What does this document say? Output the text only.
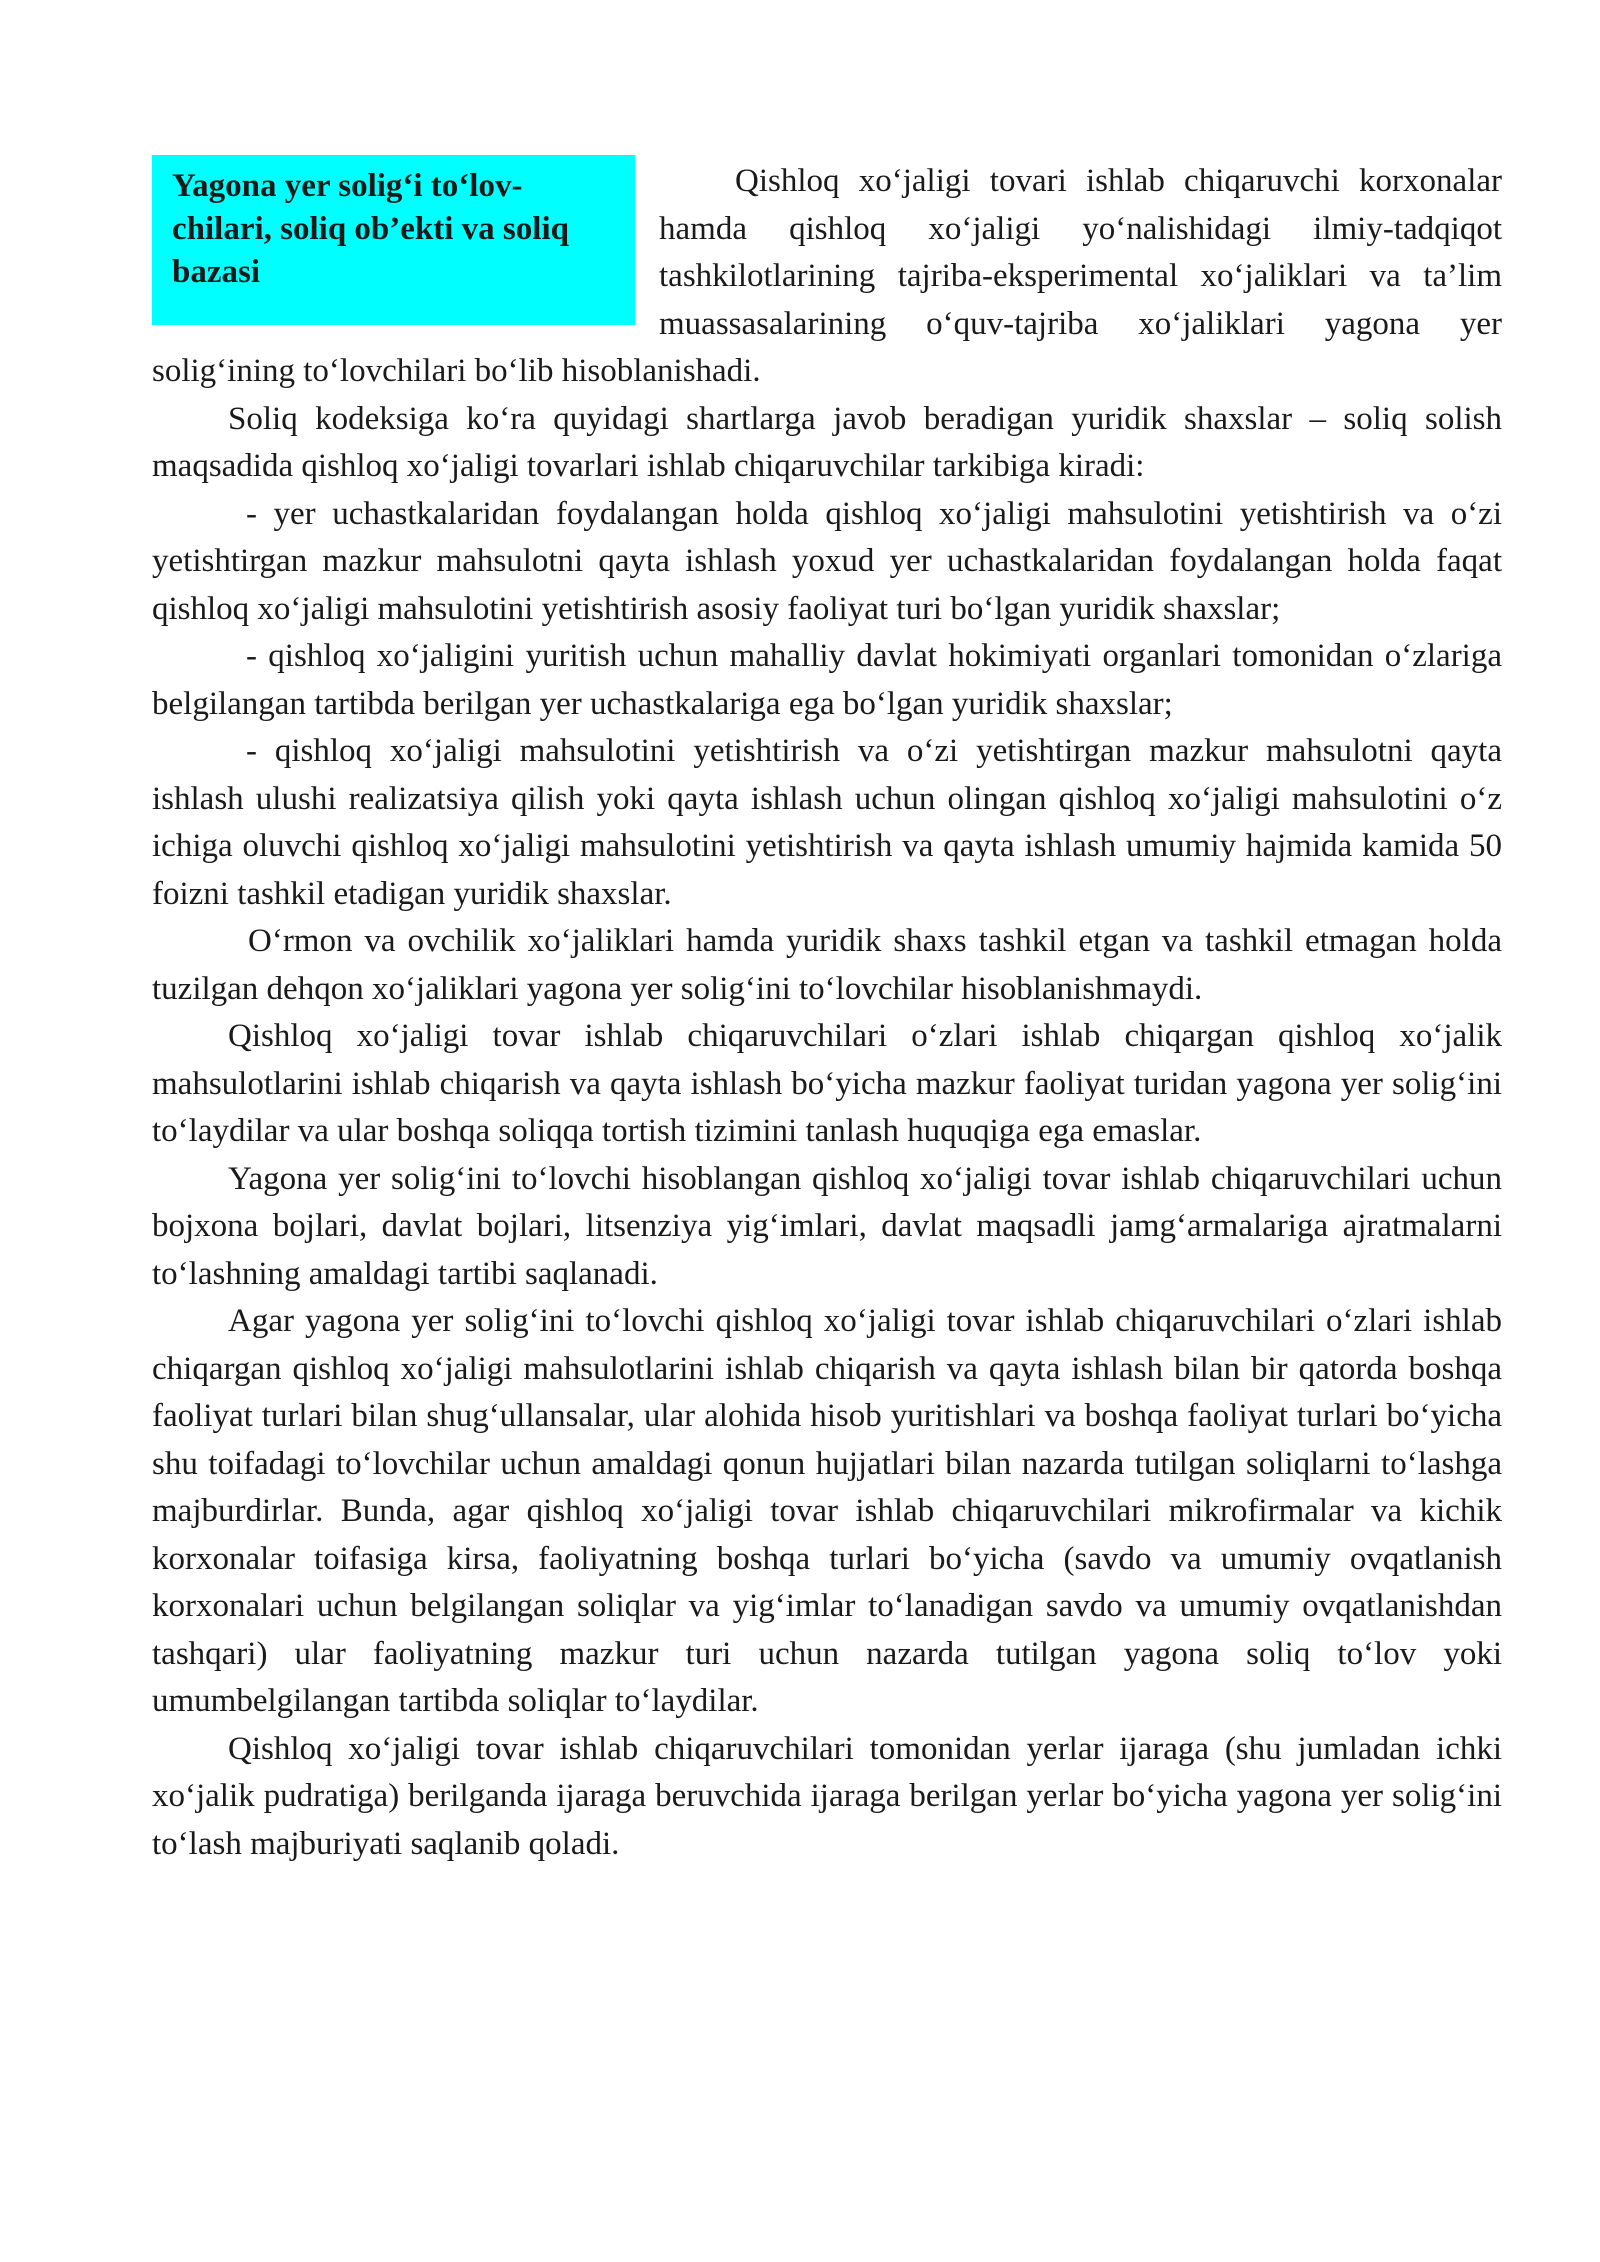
Yagona yer solig‘i to‘lov-chilari, soliq ob’ekti va soliq bazasi

Qishloq xo‘jaligi tovari ishlab chiqaruvchi korxonalar hamda qishloq xo‘jaligi yo‘nalishidagi ilmiy-tadqiqot tashkilotlarining tajriba-eksperimental xo‘jaliklari va ta’lim muassasalarining o‘quv-tajriba xo‘jaliklari yagona yer solig‘ining to‘lovchilari bo‘lib hisoblanishadi.

Soliq kodeksiga ko‘ra quyidagi shartlarga javob beradigan yuridik shaxslar – soliq solish maqsadida qishloq xo‘jaligi tovarlari ishlab chiqaruvchilar tarkibiga kiradi:

- yer uchastkalaridan foydalangan holda qishloq xo‘jaligi mahsulotini yetishtirish va o‘zi yetishtirgan mazkur mahsulotni qayta ishlash yoxud yer uchastkalaridan foydalangan holda faqat qishloq xo‘jaligi mahsulotini yetishtirish asosiy faoliyat turi bo‘lgan yuridik shaxslar;

- qishloq xo‘jaligini yuritish uchun mahalliy davlat hokimiyati organlari tomonidan o‘zlariga belgilangan tartibda berilgan yer uchastkalariga ega bo‘lgan yuridik shaxslar;

- qishloq xo‘jaligi mahsulotini yetishtirish va o‘zi yetishtirgan mazkur mahsulotni qayta ishlash ulushi realizatsiya qilish yoki qayta ishlash uchun olingan qishloq xo‘jaligi mahsulotini o‘z ichiga oluvchi qishloq xo‘jaligi mahsulotini yetishtirish va qayta ishlash umumiy hajmida kamida 50 foizni tashkil etadigan yuridik shaxslar.

O‘rmon va ovchilik xo‘jaliklari hamda yuridik shaxs tashkil etgan va tashkil etmagan holda tuzilgan dehqon xo‘jaliklari yagona yer solig‘ini to‘lovchilar hisoblanishmaydi.

Qishloq xo‘jaligi tovar ishlab chiqaruvchilari o‘zlari ishlab chiqargan qishloq xo‘jalik mahsulotlarini ishlab chiqarish va qayta ishlash bo‘yicha mazkur faoliyat turidan yagona yer solig‘ini to‘laydilar va ular boshqa soliqqa tortish tizimini tanlash huquqiga ega emaslar.

Yagona yer solig‘ini to‘lovchi hisoblangan qishloq xo‘jaligi tovar ishlab chiqaruvchilari uchun bojxona bojlari, davlat bojlari, litsenziya yig‘imlari, davlat maqsadli jamg‘armalariga ajratmalarni to‘lashning amaldagi tartibi saqlanadi.

Agar yagona yer solig‘ini to‘lovchi qishloq xo‘jaligi tovar ishlab chiqaruvchilari o‘zlari ishlab chiqargan qishloq xo‘jaligi mahsulotlarini ishlab chiqarish va qayta ishlash bilan bir qatorda boshqa faoliyat turlari bilan shug‘ullansalar, ular alohida hisob yuritishlari va boshqa faoliyat turlari bo‘yicha shu toifadagi to‘lovchilar uchun amaldagi qonun hujjatlari bilan nazarda tutilgan soliqlarni to‘lashga majburdirlar. Bunda, agar qishloq xo‘jaligi tovar ishlab chiqaruvchilari mikrofirmalar va kichik korxonalar toifasiga kirsa, faoliyatning boshqa turlari bo‘yicha (savdo va umumiy ovqatlanish korxonalari uchun belgilangan soliqlar va yig‘imlar to‘lanadigan savdo va umumiy ovqatlanishdan tashqari) ular faoliyatning mazkur turi uchun nazarda tutilgan yagona soliq to‘lov yoki umumbelgilangan tartibda soliqlar to‘laydilar.

Qishloq xo‘jaligi tovar ishlab chiqaruvchilari tomonidan yerlar ijaraga (shu jumladan ichki xo‘jalik pudratiga) berilganda ijaraga beruvchida ijaraga berilgan yerlar bo‘yicha yagona yer solig‘ini to‘lash majburiyati saqlanib qoladi.
